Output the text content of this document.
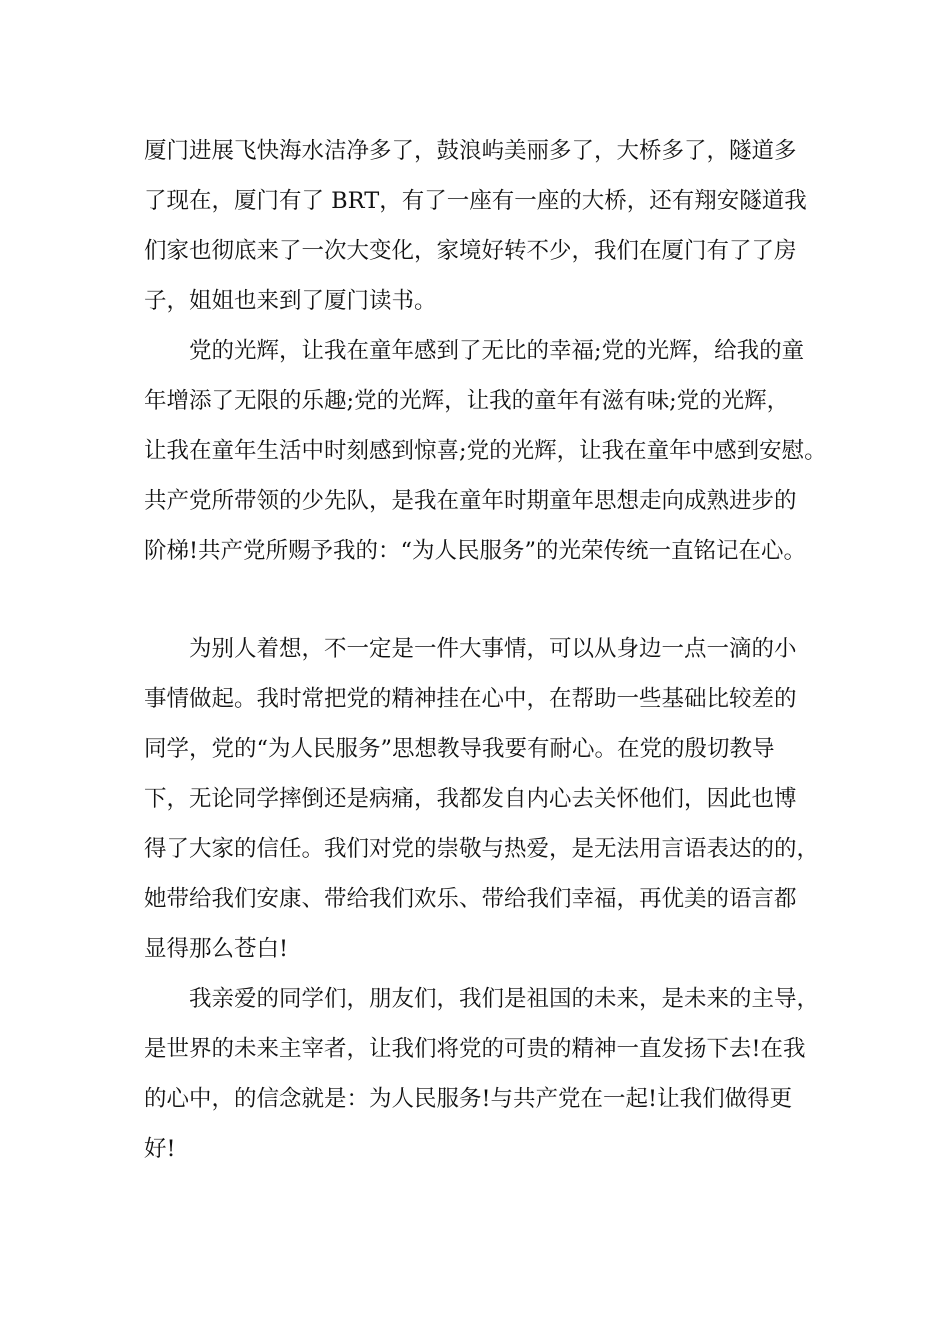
厦门进展飞快海水洁净多了，鼓浪屿美丽多了，大桥多了，隧道多
了现在，厦门有了 BRT，有了一座有一座的大桥，还有翔安隧道我
们家也彻底来了一次大变化，家境好转不少，我们在厦门有了了房
子，姐姐也来到了厦门读书。
　　党的光辉，让我在童年感到了无比的幸福;党的光辉，给我的童
年增添了无限的乐趣;党的光辉，让我的童年有滋有味;党的光辉，
让我在童年生活中时刻感到惊喜;党的光辉，让我在童年中感到安慰。
共产党所带领的少先队，是我在童年时期童年思想走向成熟进步的
阶梯!共产党所赐予我的：“为人民服务”的光荣传统一直铭记在心。
　　为别人着想，不一定是一件大事情，可以从身边一点一滴的小
事情做起。我时常把党的精神挂在心中，在帮助一些基础比较差的
同学，党的“为人民服务”思想教导我要有耐心。在党的殷切教导
下，无论同学摔倒还是病痛，我都发自内心去关怀他们，因此也博
得了大家的信任。我们对党的崇敬与热爱，是无法用言语表达的的，
她带给我们安康、带给我们欢乐、带给我们幸福，再优美的语言都
显得那么苍白!
　　我亲爱的同学们，朋友们，我们是祖国的未来，是未来的主导，
是世界的未来主宰者，让我们将党的可贵的精神一直发扬下去!在我
的心中，的信念就是：为人民服务!与共产党在一起!让我们做得更
好!
